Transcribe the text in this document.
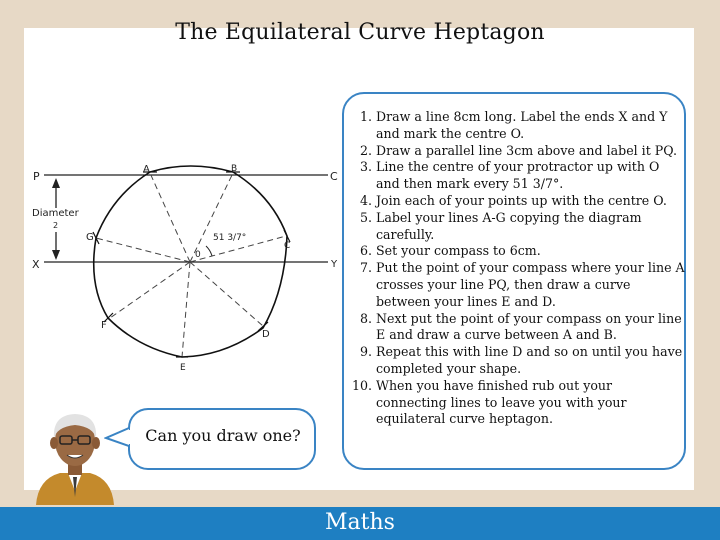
The Equilateral Curve Heptagon
P	C
X	Y
0
A	B
C
D
E
F
G
Diameter
2
51 3/7°
1. Draw a line 8cm long. Label the ends X and Y and mark the centre O.
2. Draw a parallel line 3cm above and label it PQ.
3. Line the centre of your protractor up with O and then mark every 51 3/7°.
4. Join each of your points up with the centre O.
5. Label your lines A-G copying the diagram carefully.
6. Set your compass to 6cm.
7. Put the point of your compass where your line A crosses your line PQ, then draw a curve between your lines E and D.
8. Next put the point of your compass on your line E and draw a curve between A and B.
9. Repeat this with line D and so on until you have completed your shape.
10. When you have finished rub out your connecting lines to leave you with your equilateral curve heptagon.
Can you draw one?
Maths
